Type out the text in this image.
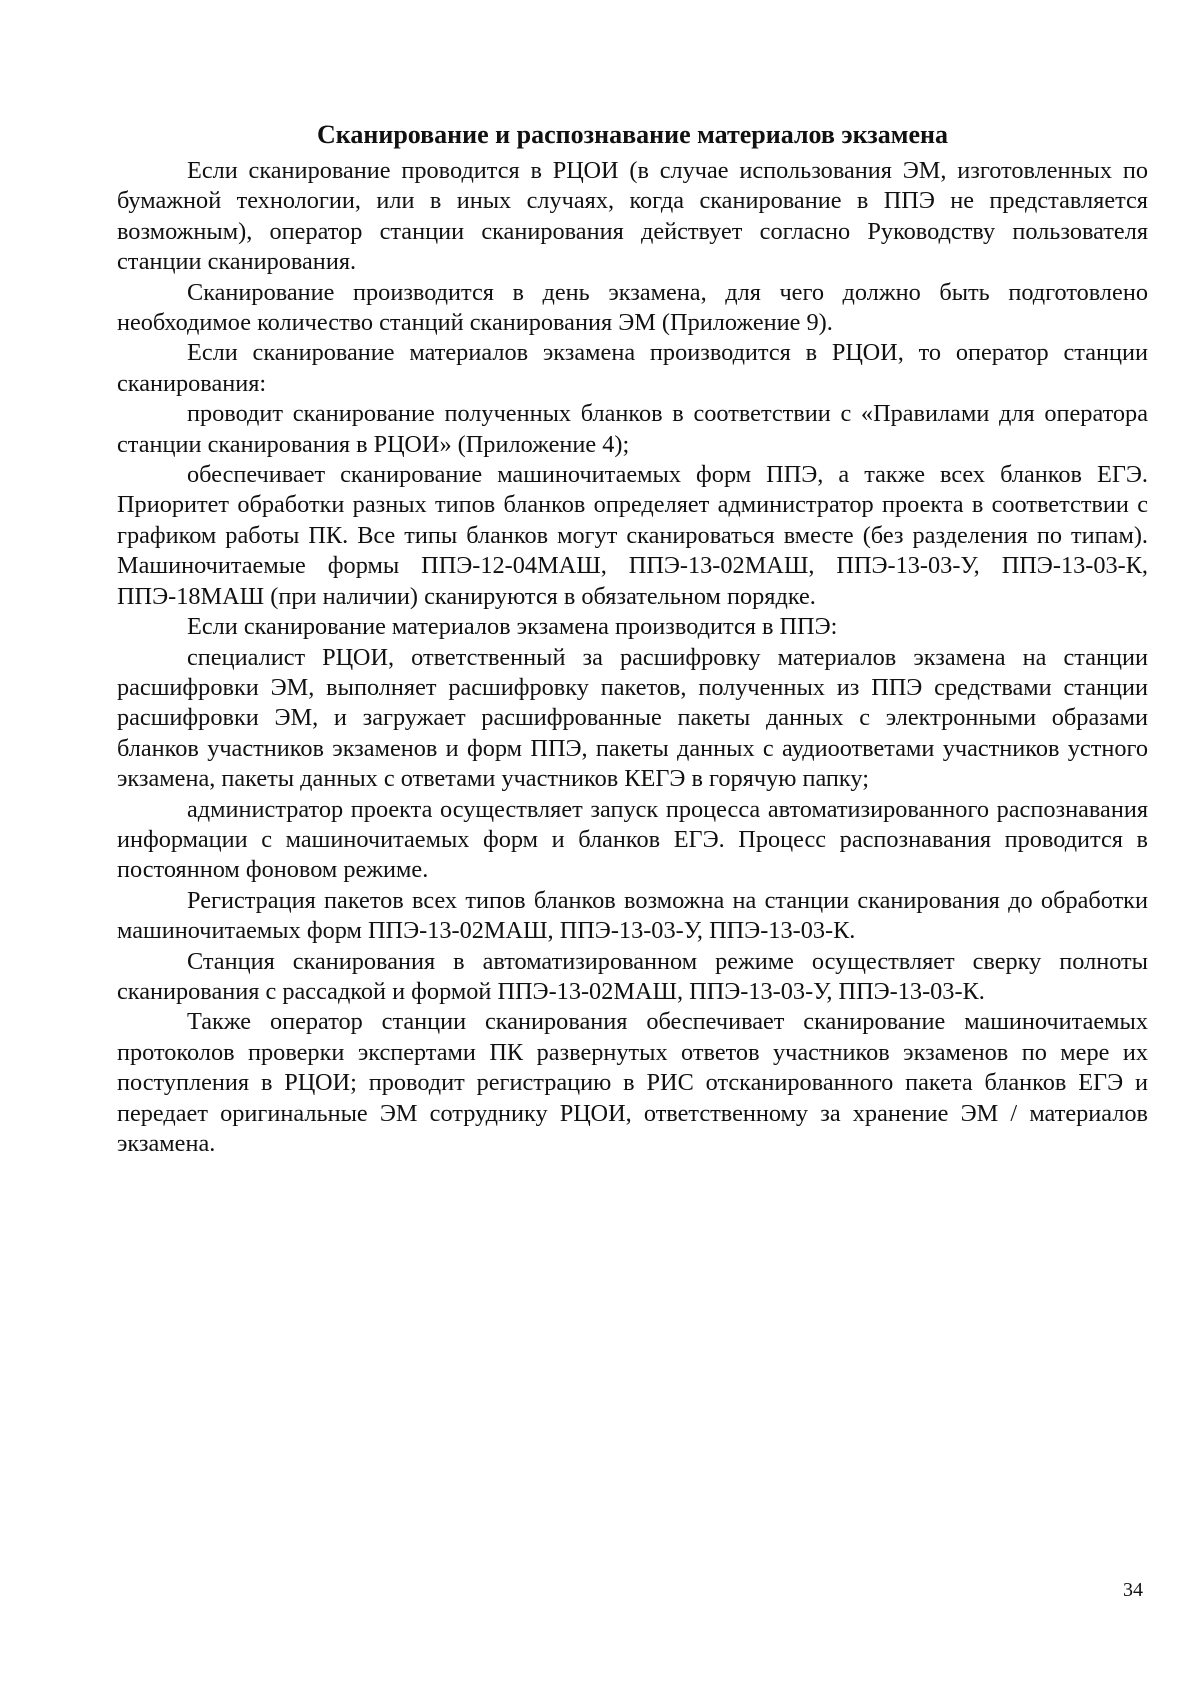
Сканирование и распознавание материалов экзамена

Если сканирование проводится в РЦОИ (в случае использования ЭМ, изготовленных по бумажной технологии, или в иных случаях, когда сканирование в ППЭ не представляется возможным), оператор станции сканирования действует согласно Руководству пользователя станции сканирования.

Сканирование производится в день экзамена, для чего должно быть подготовлено необходимое количество станций сканирования ЭМ (Приложение 9).

Если сканирование материалов экзамена производится в РЦОИ, то оператор станции сканирования:

проводит сканирование полученных бланков в соответствии с «Правилами для оператора станции сканирования в РЦОИ» (Приложение 4);

обеспечивает сканирование машиночитаемых форм ППЭ, а также всех бланков ЕГЭ. Приоритет обработки разных типов бланков определяет администратор проекта в соответствии с графиком работы ПК. Все типы бланков могут сканироваться вместе (без разделения по типам). Машиночитаемые формы ППЭ-12-04МАШ, ППЭ-13-02МАШ, ППЭ-13-03-У, ППЭ-13-03-К, ППЭ-18МАШ (при наличии) сканируются в обязательном порядке.

Если сканирование материалов экзамена производится в ППЭ:

специалист РЦОИ, ответственный за расшифровку материалов экзамена на станции расшифровки ЭМ, выполняет расшифровку пакетов, полученных из ППЭ средствами станции расшифровки ЭМ, и загружает расшифрованные пакеты данных с электронными образами бланков участников экзаменов и форм ППЭ, пакеты данных с аудиоответами участников устного экзамена, пакеты данных с ответами участников КЕГЭ в горячую папку;

администратор проекта осуществляет запуск процесса автоматизированного распознавания информации с машиночитаемых форм и бланков ЕГЭ. Процесс распознавания проводится в постоянном фоновом режиме.

Регистрация пакетов всех типов бланков возможна на станции сканирования до обработки машиночитаемых форм ППЭ-13-02МАШ, ППЭ-13-03-У, ППЭ-13-03-К.

Станция сканирования в автоматизированном режиме осуществляет сверку полноты сканирования с рассадкой и формой ППЭ-13-02МАШ, ППЭ-13-03-У, ППЭ-13-03-К.

Также оператор станции сканирования обеспечивает сканирование машиночитаемых протоколов проверки экспертами ПК развернутых ответов участников экзаменов по мере их поступления в РЦОИ; проводит регистрацию в РИС отсканированного пакета бланков ЕГЭ и передает оригинальные ЭМ сотруднику РЦОИ, ответственному за хранение ЭМ / материалов экзамена.

34
